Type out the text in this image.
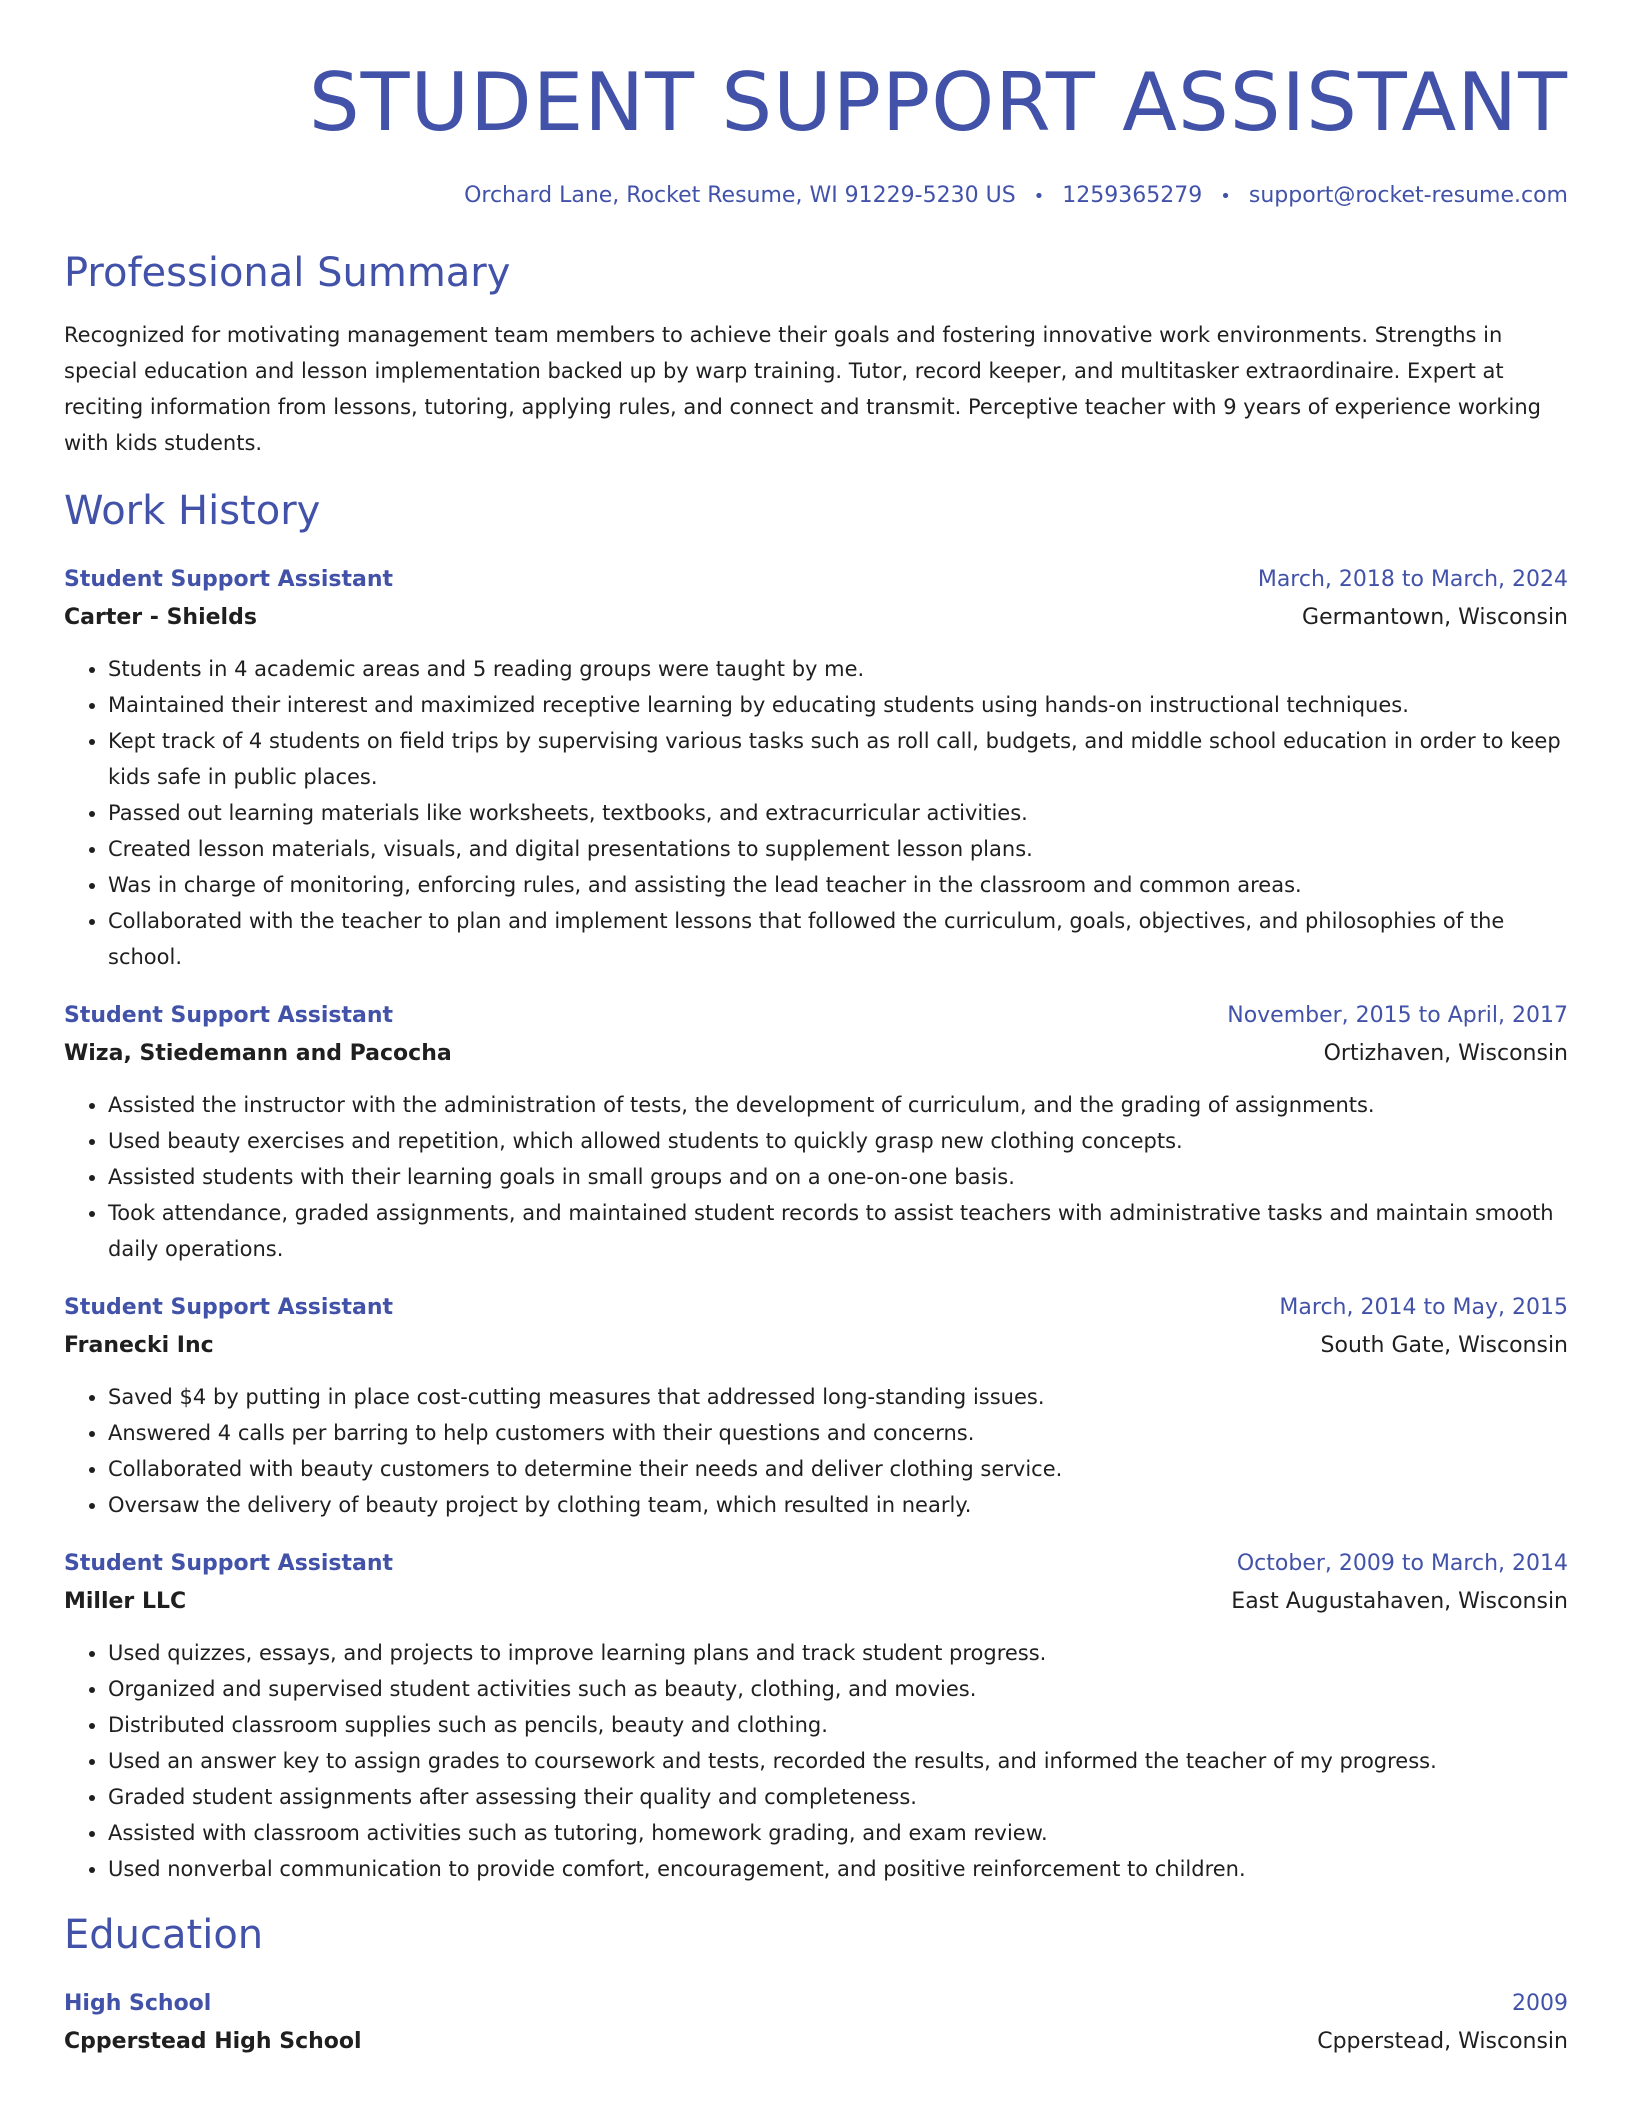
STUDENT SUPPORT ASSISTANT
Orchard Lane, Rocket Resume, WI 91229-5230 US • 1259365279 • support@rocket-resume.com
Professional Summary
Recognized for motivating management team members to achieve their goals and fostering innovative work environments. Strengths in special education and lesson implementation backed up by warp training. Tutor, record keeper, and multitasker extraordinaire. Expert at reciting information from lessons, tutoring, applying rules, and connect and transmit. Perceptive teacher with 9 years of experience working with kids students.
Work History
Student Support Assistant	March, 2018 to March, 2024
Carter - Shields	Germantown, Wisconsin
• Students in 4 academic areas and 5 reading groups were taught by me.
• Maintained their interest and maximized receptive learning by educating students using hands-on instructional techniques.
• Kept track of 4 students on field trips by supervising various tasks such as roll call, budgets, and middle school education in order to keep kids safe in public places.
• Passed out learning materials like worksheets, textbooks, and extracurricular activities.
• Created lesson materials, visuals, and digital presentations to supplement lesson plans.
• Was in charge of monitoring, enforcing rules, and assisting the lead teacher in the classroom and common areas.
• Collaborated with the teacher to plan and implement lessons that followed the curriculum, goals, objectives, and philosophies of the school.
Student Support Assistant	November, 2015 to April, 2017
Wiza, Stiedemann and Pacocha	Ortizhaven, Wisconsin
• Assisted the instructor with the administration of tests, the development of curriculum, and the grading of assignments.
• Used beauty exercises and repetition, which allowed students to quickly grasp new clothing concepts.
• Assisted students with their learning goals in small groups and on a one-on-one basis.
• Took attendance, graded assignments, and maintained student records to assist teachers with administrative tasks and maintain smooth daily operations.
Student Support Assistant	March, 2014 to May, 2015
Franecki Inc	South Gate, Wisconsin
• Saved $4 by putting in place cost-cutting measures that addressed long-standing issues.
• Answered 4 calls per barring to help customers with their questions and concerns.
• Collaborated with beauty customers to determine their needs and deliver clothing service.
• Oversaw the delivery of beauty project by clothing team, which resulted in nearly.
Student Support Assistant	October, 2009 to March, 2014
Miller LLC	East Augustahaven, Wisconsin
• Used quizzes, essays, and projects to improve learning plans and track student progress.
• Organized and supervised student activities such as beauty, clothing, and movies.
• Distributed classroom supplies such as pencils, beauty and clothing.
• Used an answer key to assign grades to coursework and tests, recorded the results, and informed the teacher of my progress.
• Graded student assignments after assessing their quality and completeness.
• Assisted with classroom activities such as tutoring, homework grading, and exam review.
• Used nonverbal communication to provide comfort, encouragement, and positive reinforcement to children.
Education
High School	2009
Cpperstead High School	Cpperstead, Wisconsin
